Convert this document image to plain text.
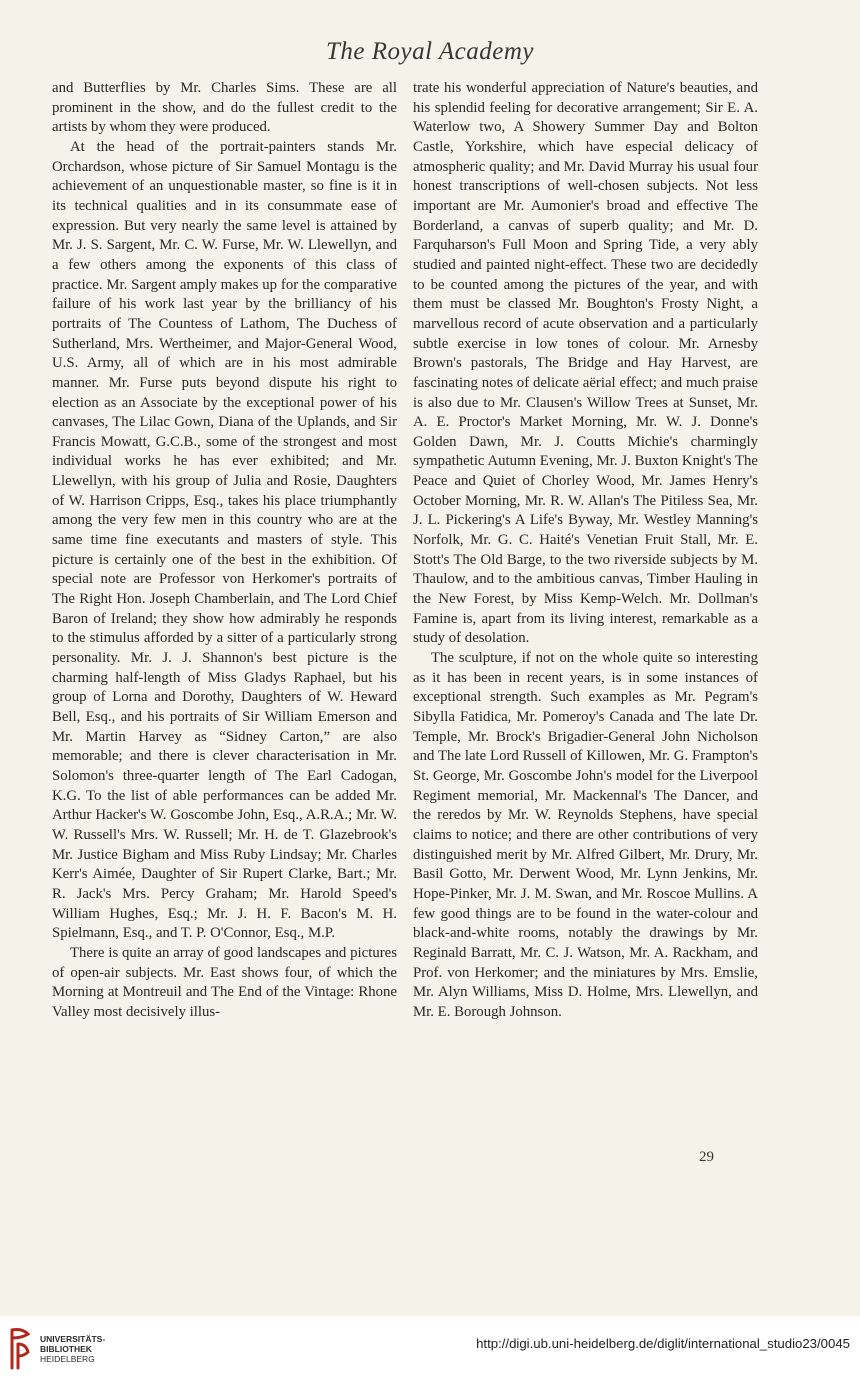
The Royal Academy

and Butterflies by Mr. Charles Sims. These are all prominent in the show, and do the fullest credit to the artists by whom they were produced.

At the head of the portrait-painters stands Mr. Orchardson, whose picture of Sir Samuel Montagu is the achievement of an unquestionable master, so fine is it in its technical qualities and in its consummate ease of expression. But very nearly the same level is attained by Mr. J. S. Sargent, Mr. C. W. Furse, Mr. W. Llewellyn, and a few others among the exponents of this class of practice. Mr. Sargent amply makes up for the comparative failure of his work last year by the brilliancy of his portraits of The Countess of Lathom, The Duchess of Sutherland, Mrs. Wertheimer, and Major-General Wood, U.S. Army, all of which are in his most admirable manner. Mr. Furse puts beyond dispute his right to election as an Associate by the exceptional power of his canvases, The Lilac Gown, Diana of the Uplands, and Sir Francis Mowatt, G.C.B., some of the strongest and most individual works he has ever exhibited; and Mr. Llewellyn, with his group of Julia and Rosie, Daughters of W. Harrison Cripps, Esq., takes his place triumphantly among the very few men in this country who are at the same time fine executants and masters of style. This picture is certainly one of the best in the exhibition. Of special note are Professor von Herkomer's portraits of The Right Hon. Joseph Chamberlain, and The Lord Chief Baron of Ireland; they show how admirably he responds to the stimulus afforded by a sitter of a particularly strong personality. Mr. J. J. Shannon's best picture is the charming half-length of Miss Gladys Raphael, but his group of Lorna and Dorothy, Daughters of W. Heward Bell, Esq., and his portraits of Sir William Emerson and Mr. Martin Harvey as “Sidney Carton,” are also memorable; and there is clever characterisation in Mr. Solomon's three-quarter length of The Earl Cadogan, K.G. To the list of able performances can be added Mr. Arthur Hacker's W. Goscombe John, Esq., A.R.A.; Mr. W. W. Russell's Mrs. W. Russell; Mr. H. de T. Glazebrook's Mr. Justice Bigham and Miss Ruby Lindsay; Mr. Charles Kerr's Aimée, Daughter of Sir Rupert Clarke, Bart.; Mr. R. Jack's Mrs. Percy Graham; Mr. Harold Speed's William Hughes, Esq.; Mr. J. H. F. Bacon's M. H. Spielmann, Esq., and T. P. O'Connor, Esq., M.P.

There is quite an array of good landscapes and pictures of open-air subjects. Mr. East shows four, of which the Morning at Montreuil and The End of the Vintage: Rhone Valley most decisively illus-

trate his wonderful appreciation of Nature's beauties, and his splendid feeling for decorative arrangement; Sir E. A. Waterlow two, A Showery Summer Day and Bolton Castle, Yorkshire, which have especial delicacy of atmospheric quality; and Mr. David Murray his usual four honest transcriptions of well-chosen subjects. Not less important are Mr. Aumonier's broad and effective The Borderland, a canvas of superb quality; and Mr. D. Farquharson's Full Moon and Spring Tide, a very ably studied and painted night-effect. These two are decidedly to be counted among the pictures of the year, and with them must be classed Mr. Boughton's Frosty Night, a marvellous record of acute observation and a particularly subtle exercise in low tones of colour. Mr. Arnesby Brown's pastorals, The Bridge and Hay Harvest, are fascinating notes of delicate aërial effect; and much praise is also due to Mr. Clausen's Willow Trees at Sunset, Mr. A. E. Proctor's Market Morning, Mr. W. J. Donne's Golden Dawn, Mr. J. Coutts Michie's charmingly sympathetic Autumn Evening, Mr. J. Buxton Knight's The Peace and Quiet of Chorley Wood, Mr. James Henry's October Morning, Mr. R. W. Allan's The Pitiless Sea, Mr. J. L. Pickering's A Life's Byway, Mr. Westley Manning's Norfolk, Mr. G. C. Haité's Venetian Fruit Stall, Mr. E. Stott's The Old Barge, to the two riverside subjects by M. Thaulow, and to the ambitious canvas, Timber Hauling in the New Forest, by Miss Kemp-Welch. Mr. Dollman's Famine is, apart from its living interest, remarkable as a study of desolation.

The sculpture, if not on the whole quite so interesting as it has been in recent years, is in some instances of exceptional strength. Such examples as Mr. Pegram's Sibylla Fatidica, Mr. Pomeroy's Canada and The late Dr. Temple, Mr. Brock's Brigadier-General John Nicholson and The late Lord Russell of Killowen, Mr. G. Frampton's St. George, Mr. Goscombe John's model for the Liverpool Regiment memorial, Mr. Mackennal's The Dancer, and the reredos by Mr. W. Reynolds Stephens, have special claims to notice; and there are other contributions of very distinguished merit by Mr. Alfred Gilbert, Mr. Drury, Mr. Basil Gotto, Mr. Derwent Wood, Mr. Lynn Jenkins, Mr. Hope-Pinker, Mr. J. M. Swan, and Mr. Roscoe Mullins. A few good things are to be found in the water-colour and black-and-white rooms, notably the drawings by Mr. Reginald Barratt, Mr. C. J. Watson, Mr. A. Rackham, and Prof. von Herkomer; and the miniatures by Mrs. Emslie, Mr. Alyn Williams, Miss D. Holme, Mrs. Llewellyn, and Mr. E. Borough Johnson.

29
UNIVERSITÄTS-
BIBLIOTHEK
HEIDELBERG
http://digi.ub.uni-heidelberg.de/diglit/international_studio23/0045
